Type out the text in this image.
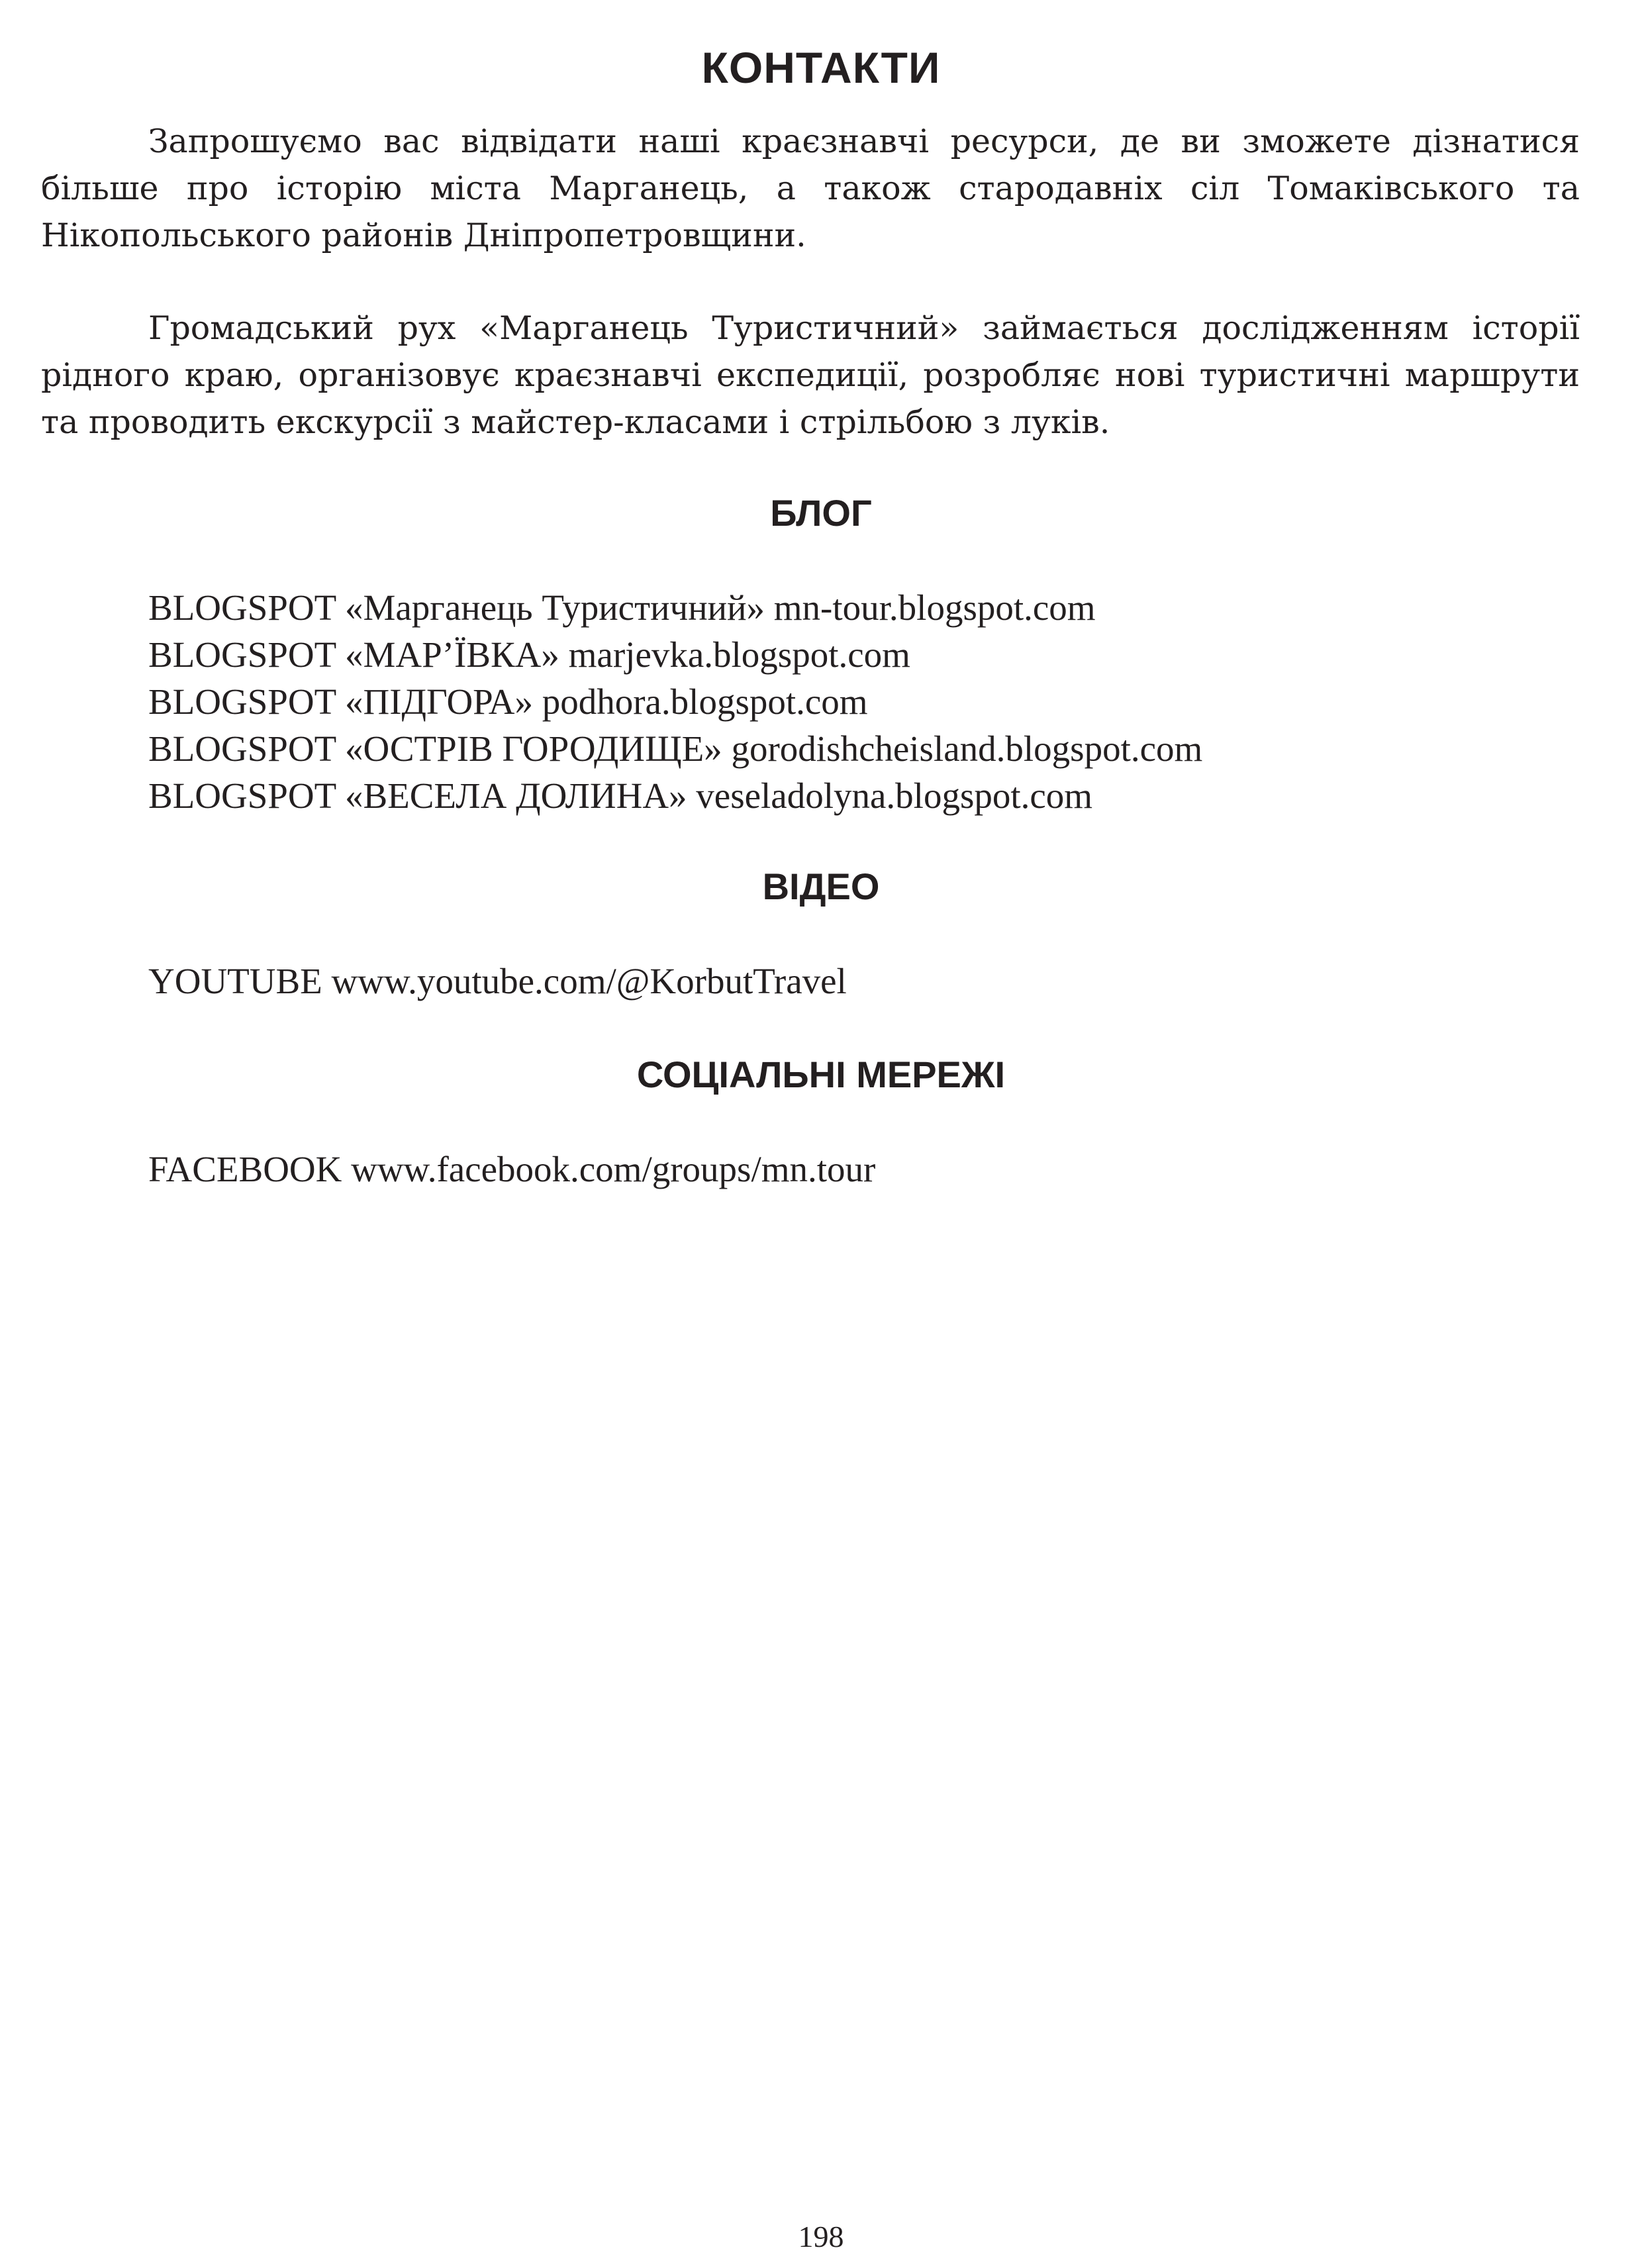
КОНТАКТИ

Запрошуємо вас відвідати наші краєзнавчі ресурси, де ви зможете дізнатися більше про історію міста Марганець, а також стародавніх сіл Томаківського та Нікопольського районів Дніпропетровщини.

Громадський рух «Марганець Туристичний» займається дослідженням історії рідного краю, організовує краєзнавчі експедиції, розробляє нові туристичні маршрути та проводить екскурсії з майстер-класами і стрільбою з луків.

БЛОГ
BLOGSPOT «Марганець Туристичний» mn-tour.blogspot.com
BLOGSPOT «МАР’ЇВКА» marjevka.blogspot.com
BLOGSPOT «ПІДГОРА» podhora.blogspot.com
BLOGSPOT «ОСТРІВ ГОРОДИЩЕ» gorodishcheisland.blogspot.com
BLOGSPOT «ВЕСЕЛА ДОЛИНА» veseladolyna.blogspot.com
ВІДЕО
YOUTUBE www.youtube.com/@KorbutTravel
СОЦІАЛЬНІ МЕРЕЖІ
FACEBOOK www.facebook.com/groups/mn.tour
198
